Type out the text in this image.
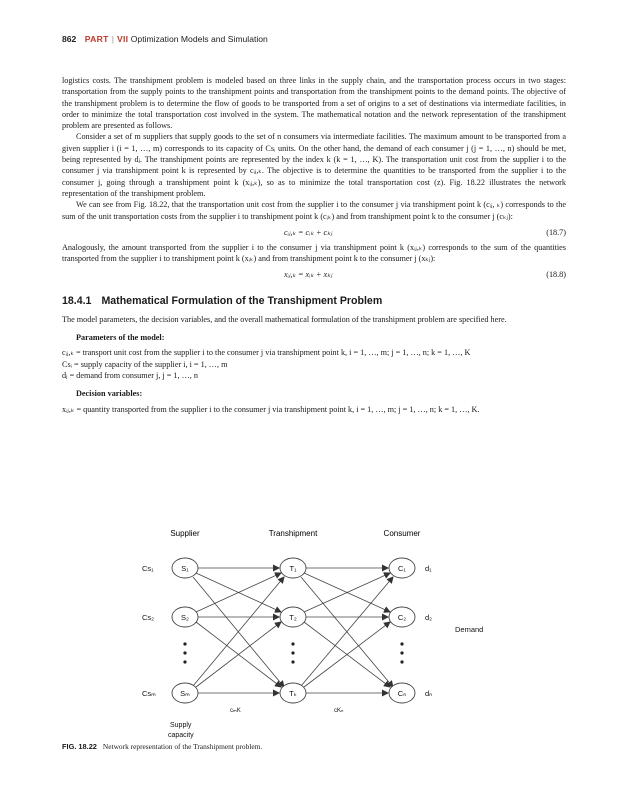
862 PART | VII Optimization Models and Simulation

logistics costs. The transhipment problem is modeled based on three links in the supply chain, and the transportation process occurs in two stages: transportation from the supply points to the transhipment points and transportation from the transhipment points to the demand points. The objective of the transhipment problem is to determine the flow of goods to be transported from a set of origins to a set of destinations via intermediate facilities, in order to minimize the total transportation cost involved in the system. The mathematical notation and the network representation of the transhipment problem are presented as follows.

Consider a set of m suppliers that supply goods to the set of n consumers via intermediate facilities. The maximum amount to be transported from a given supplier i (i = 1, …, m) corresponds to its capacity of Csᵢ units. On the other hand, the demand of each consumer j (j = 1, …, n) should be met, being represented by dⱼ. The transhipment points are represented by the index k (k = 1, …, K). The transportation unit cost from the supplier i to the consumer j via transhipment point k is represented by cᵢⱼ,ₖ. The objective is to determine the quantities to be transported from the supplier i to the consumer j, going through a transhipment point k (xᵢⱼ,ₖ), so as to minimize the total transportation cost (z). Fig. 18.22 illustrates the network representation of the transhipment problem.

We can see from Fig. 18.22, that the transportation unit cost from the supplier i to the consumer j via transhipment point k (cᵢⱼ, ₖ) corresponds to the sum of the unit transportation costs from the supplier i to transhipment point k (cᵢₖ) and from transhipment point k to the consumer j (cₖⱼ):

cᵢⱼ,ₖ = cᵢₖ + cₖⱼ	(18.7)

Analogously, the amount transported from the supplier i to the consumer j via transhipment point k (xᵢⱼ,ₖ) corresponds to the sum of the quantities transported from the supplier i to transhipment point k (xᵢₖ) and from transhipment point k to the consumer j (xₖⱼ):

xᵢⱼ,ₖ = xᵢₖ + xₖⱼ	(18.8)
18.4.1 Mathematical Formulation of the Transhipment Problem

The model parameters, the decision variables, and the overall mathematical formulation of the transhipment problem are specified here.

Parameters of the model:

cᵢⱼ,ₖ = transport unit cost from the supplier i to the consumer j via transhipment point k, i = 1, …, m; j = 1, …, n; k = 1, …, K

Csᵢ = supply capacity of the supplier i, i = 1, …, m

dⱼ = demand from consumer j, j = 1, …, n

Decision variables:

xᵢⱼ,ₖ = quantity transported from the supplier i to the consumer j via transhipment point k, i = 1, …, m; j = 1, …, n; k = 1, …, K.

Supplier	Transhipment	Consumer
S₁
S₂
Sₘ
T₁
T₂
Tₖ
C₁
C₂
Cₙ
Cs₁
Cs₂
Csₘ
d₁
d₂
dₙ
Demand
cₘK	cKₙ
Supply
capacity
FIG. 18.22 Network representation of the Transhipment problem.
